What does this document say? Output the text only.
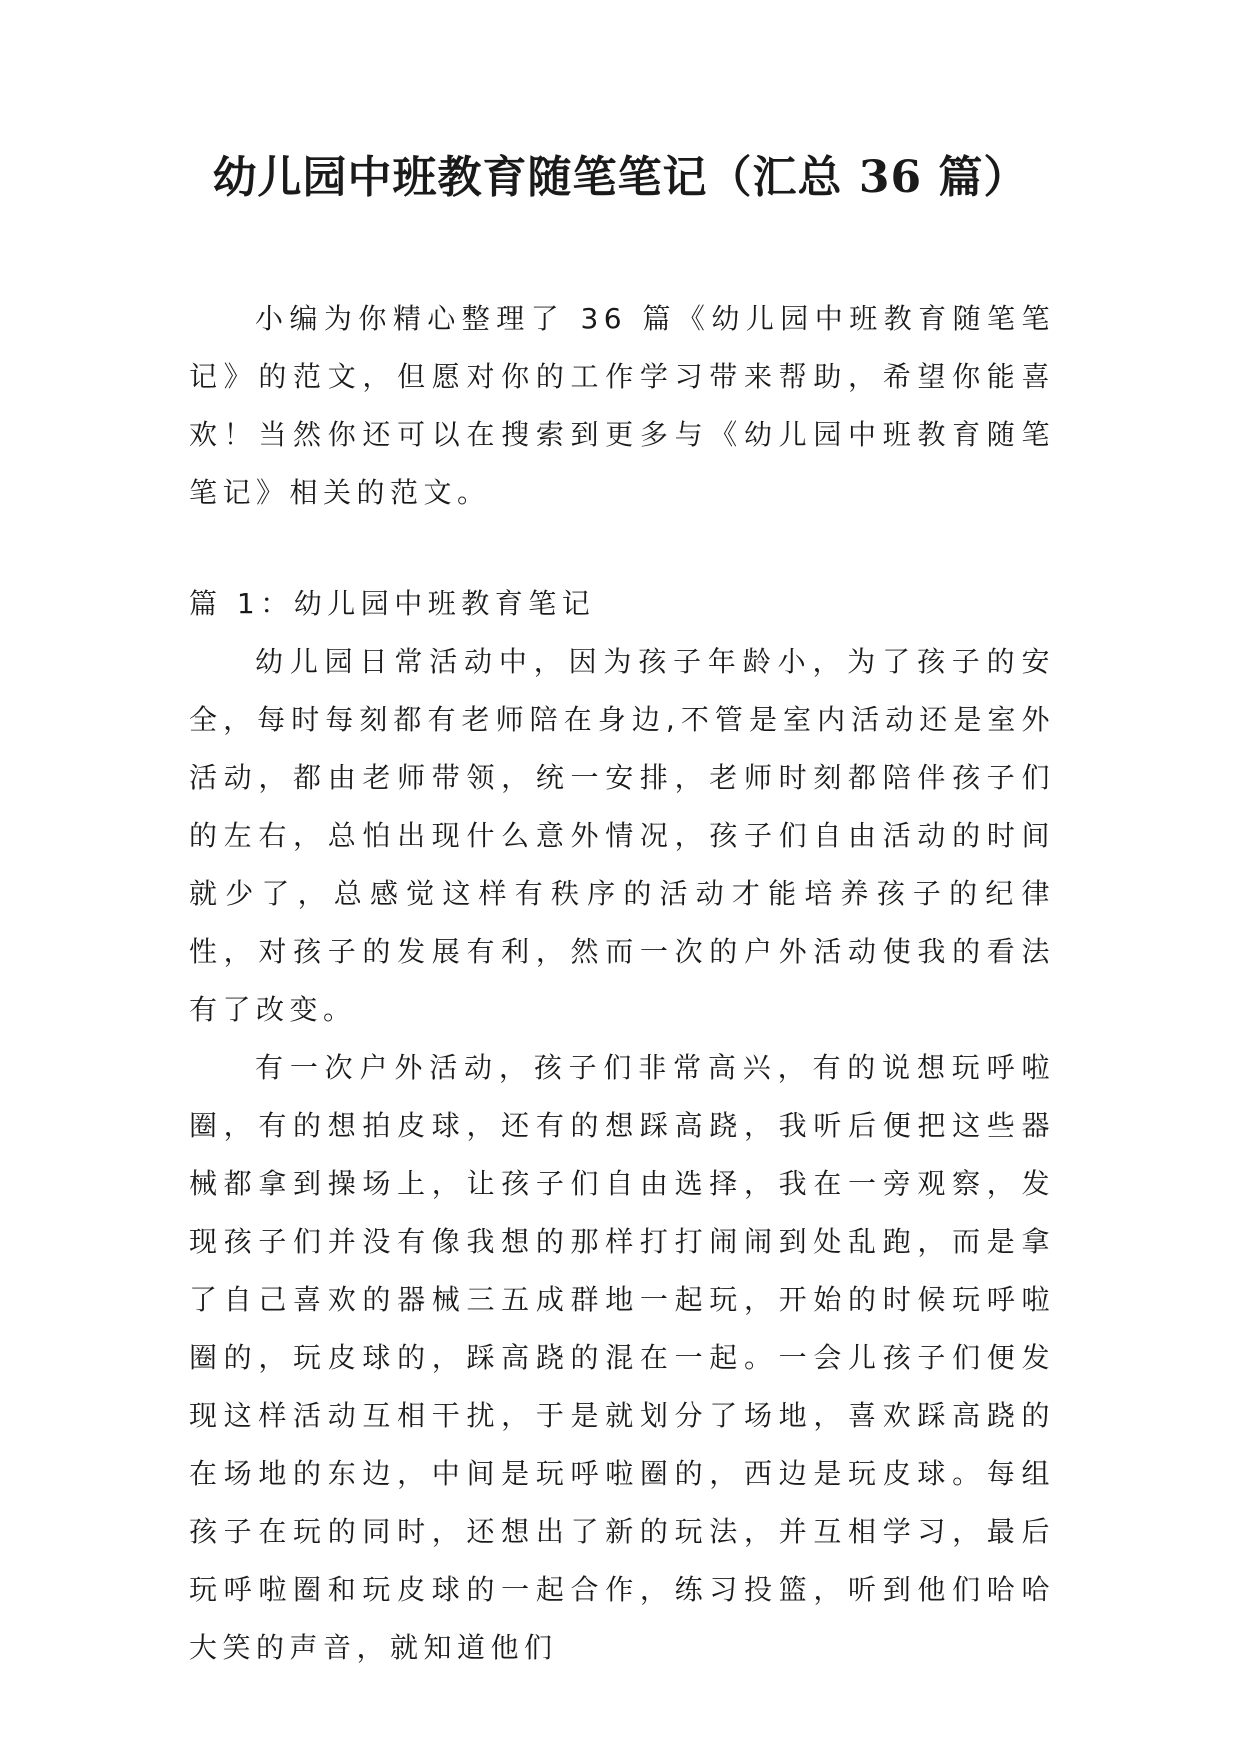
幼儿园中班教育随笔笔记（汇总 36 篇）

小编为你精心整理了 36 篇《幼儿园中班教育随笔笔记》的范文，但愿对你的工作学习带来帮助，希望你能喜欢！当然你还可以在搜索到更多与《幼儿园中班教育随笔笔记》相关的范文。

篇 1：幼儿园中班教育笔记

幼儿园日常活动中，因为孩子年龄小，为了孩子的安全，每时每刻都有老师陪在身边,不管是室内活动还是室外活动，都由老师带领，统一安排，老师时刻都陪伴孩子们的左右，总怕出现什么意外情况，孩子们自由活动的时间就少了，总感觉这样有秩序的活动才能培养孩子的纪律性，对孩子的发展有利，然而一次的户外活动使我的看法有了改变。

有一次户外活动，孩子们非常高兴，有的说想玩呼啦圈，有的想拍皮球，还有的想踩高跷，我听后便把这些器械都拿到操场上，让孩子们自由选择，我在一旁观察，发现孩子们并没有像我想的那样打打闹闹到处乱跑，而是拿了自己喜欢的器械三五成群地一起玩，开始的时候玩呼啦圈的，玩皮球的，踩高跷的混在一起。一会儿孩子们便发现这样活动互相干扰，于是就划分了场地，喜欢踩高跷的在场地的东边，中间是玩呼啦圈的，西边是玩皮球。每组孩子在玩的同时，还想出了新的玩法，并互相学习，最后玩呼啦圈和玩皮球的一起合作，练习投篮，听到他们哈哈大笑的声音，就知道他们
